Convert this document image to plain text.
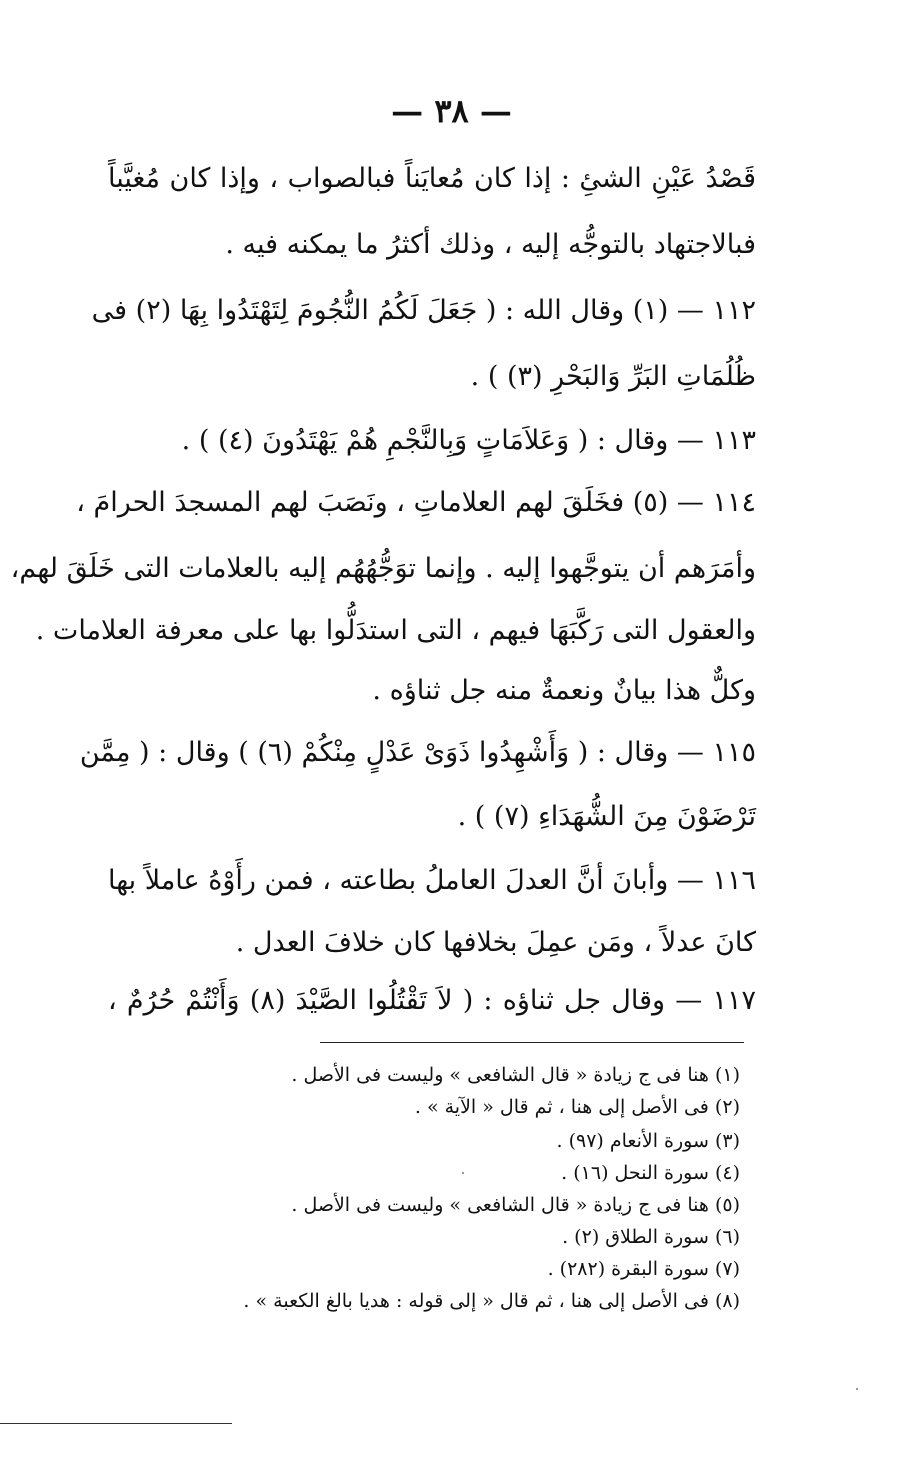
— ٣٨ —
قَصْدُ عَيْنِ الشئِ : إذا كان مُعايَناً فبالصواب ، وإذا كان مُغيَّباً
فبالاجتهاد بالتوجُّه إليه ، وذلك أكثرُ ما يمكنه فيه .
١١٢ — (١) وقال الله : ( جَعَلَ لَكُمُ النُّجُومَ لِتَهْتَدُوا بِهَا (٢) فى
ظُلُمَاتِ البَرِّ وَالبَحْرِ (٣) ) .
١١٣ — وقال : ( وَعَلاَمَاتٍ وَبِالنَّجْمِ هُمْ يَهْتَدُونَ (٤) ) .
١١٤ — (٥) فخَلَقَ لهم العلاماتِ ، ونَصَبَ لهم المسجدَ الحرامَ ،
وأمَرَهم أن يتوجَّهوا إليه . وإنما توَجُّهُهُم إليه بالعلامات التى خَلَقَ لهم،
والعقول التى رَكَّبَهَا فيهم ، التى استدَلُّوا بها على معرفة العلامات .
وكلٌّ هذا بيانٌ ونعمةٌ منه جل ثناؤه .
١١٥ — وقال : ( وَأَشْهِدُوا ذَوَىْ عَدْلٍ مِنْكُمْ (٦) ) وقال : ( مِمَّن
تَرْضَوْنَ مِنَ الشُّهَدَاءِ (٧) ) .
١١٦ — وأبانَ أنَّ العدلَ العاملُ بطاعته ، فمن رأَوْهُ عاملاً بها
كانَ عدلاً ، ومَن عمِلَ بخلافها كان خلافَ العدل .
١١٧ — وقال جل ثناؤه : ( لاَ تَقْتُلُوا الصَّيْدَ (٨) وَأَنْتُمْ حُرُمٌ ،
(١) هنا فى ج زيادة « قال الشافعى » وليست فى الأصل .
(٢) فى الأصل إلى هنا ، ثم قال « الآية » .
(٣) سورة الأنعام (٩٧) .
(٤) سورة النحل (١٦) .
(٥) هنا فى ج زيادة « قال الشافعى » وليست فى الأصل .
(٦) سورة الطلاق (٢) .
(٧) سورة البقرة (٢٨٢) .
(٨) فى الأصل إلى هنا ، ثم قال « إلى قوله : هديا بالغ الكعبة » .
